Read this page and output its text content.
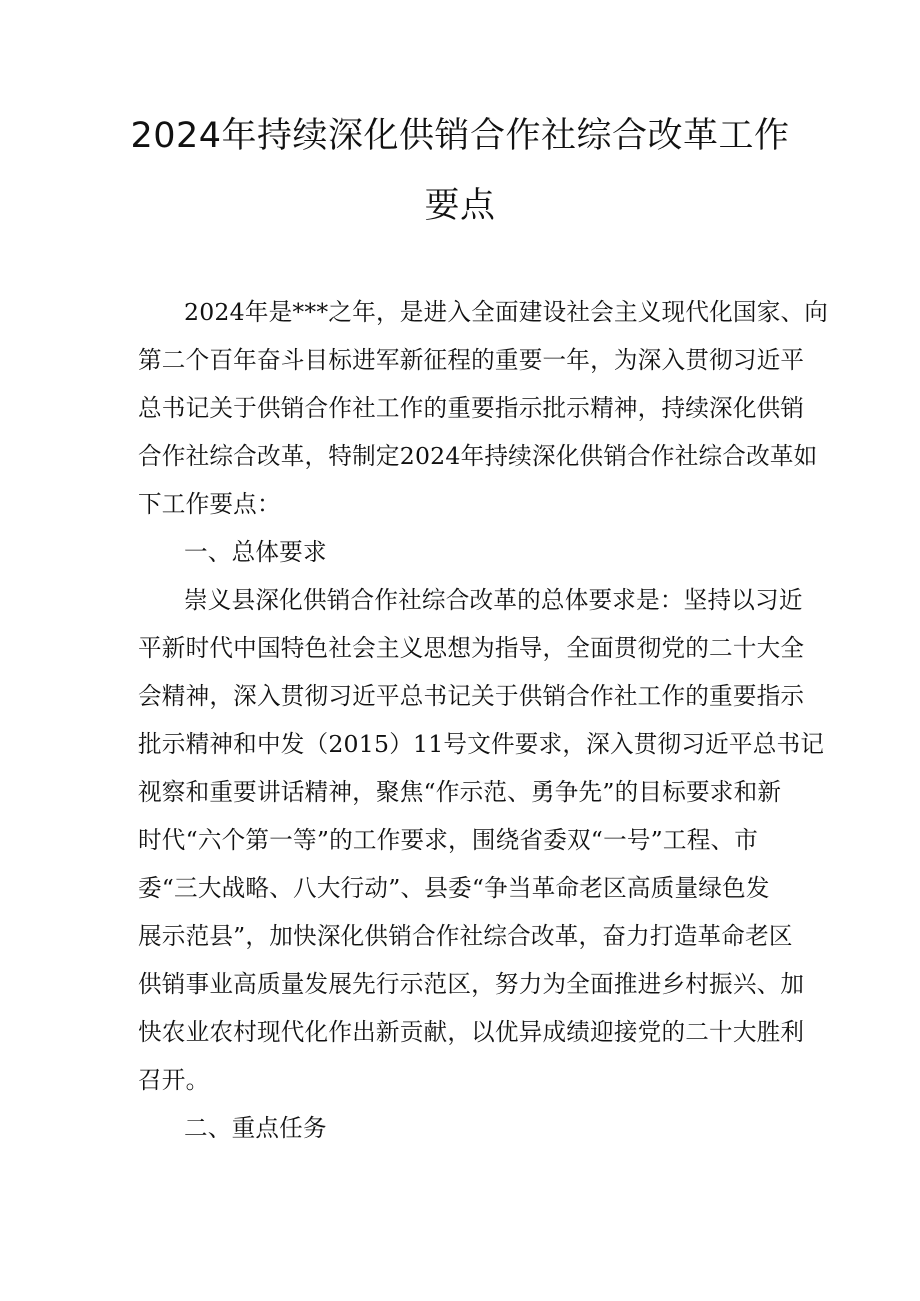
2024年持续深化供销合作社综合改革工作
要点
2024年是***之年，是进入全面建设社会主义现代化国家、向
第二个百年奋斗目标进军新征程的重要一年，为深入贯彻习近平
总书记关于供销合作社工作的重要指示批示精神，持续深化供销
合作社综合改革，特制定2024年持续深化供销合作社综合改革如
下工作要点：
一、总体要求
崇义县深化供销合作社综合改革的总体要求是：坚持以习近
平新时代中国特色社会主义思想为指导，全面贯彻党的二十大全
会精神，深入贯彻习近平总书记关于供销合作社工作的重要指示
批示精神和中发（2015）11号文件要求，深入贯彻习近平总书记
视察和重要讲话精神，聚焦“作示范、勇争先”的目标要求和新
时代“六个第一等”的工作要求，围绕省委双“一号”工程、市
委“三大战略、八大行动”、县委“争当革命老区高质量绿色发
展示范县”，加快深化供销合作社综合改革，奋力打造革命老区
供销事业高质量发展先行示范区，努力为全面推进乡村振兴、加
快农业农村现代化作出新贡献，以优异成绩迎接党的二十大胜利
召开。
二、重点任务
